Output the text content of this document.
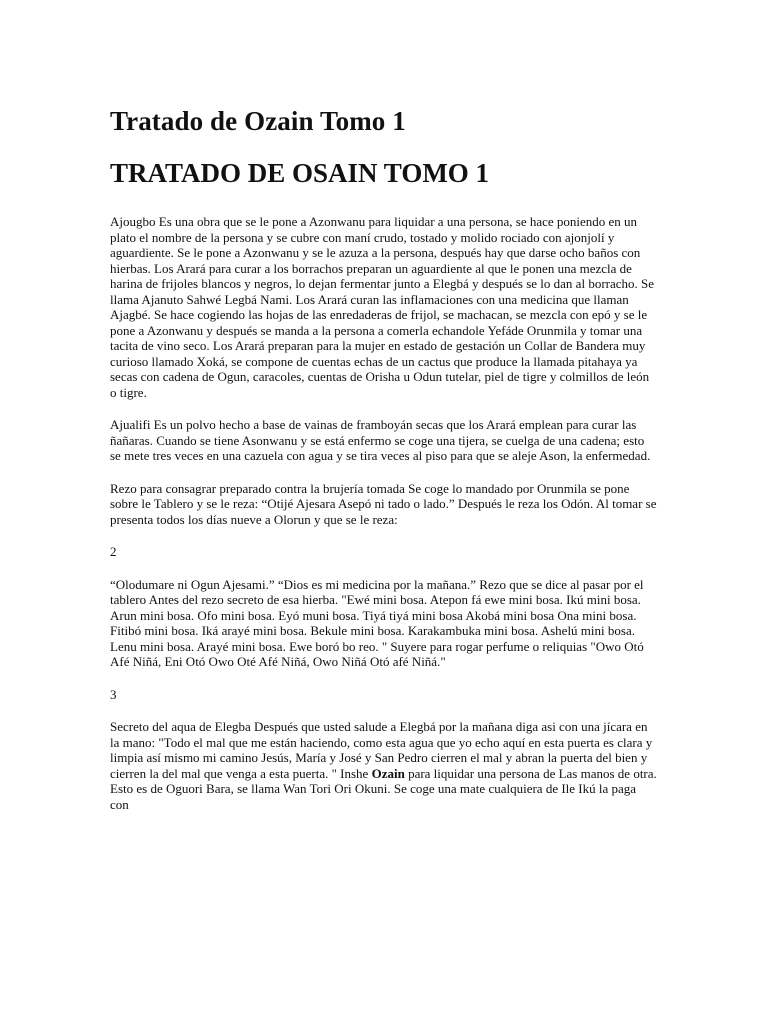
Tratado de Ozain Tomo 1
TRATADO DE OSAIN TOMO 1

Ajougbo Es una obra que se le pone a Azonwanu para liquidar a una persona, se hace poniendo en un plato el nombre de la persona y se cubre con maní crudo, tostado y molido rociado con ajonjolí y aguardiente. Se le pone a Azonwanu y se le azuza a la persona, después hay que darse ocho baños con hierbas. Los Arará para curar a los borrachos preparan un aguardiente al que le ponen una mezcla de harina de frijoles blancos y negros, lo dejan fermentar junto a Elegbá y después se lo dan al borracho. Se llama Ajanuto Sahwé Legbá Nami. Los Arará curan las inflamaciones con una medicina que llaman Ajagbé. Se hace cogiendo las hojas de las enredaderas de frijol, se machacan, se mezcla con epó y se le pone a Azonwanu y después se manda a la persona a comerla echandole Yefáde Orunmila y tomar una tacita de vino seco. Los Arará preparan para la mujer en estado de gestación un Collar de Bandera muy curioso llamado Xoká, se compone de cuentas echas de un cactus que produce la llamada pitahaya ya secas con cadena de Ogun, caracoles, cuentas de Orisha u Odun tutelar, piel de tigre y colmillos de león o tigre.

Ajualifi Es un polvo hecho a base de vainas de framboyán secas que los Arará emplean para curar las ñañaras. Cuando se tiene Asonwanu y se está enfermo se coge una tijera, se cuelga de una cadena; esto se mete tres veces en una cazuela con agua y se tira veces al piso para que se aleje Ason, la enfermedad.

Rezo para consagrar preparado contra la brujería tomada Se coge lo mandado por Orunmila se pone sobre le Tablero y se le reza: “Otijé Ajesara Asepó ni tado o lado.” Después le reza los Odón. Al tomar se presenta todos los días nueve a Olorun y que se le reza:

2

“Olodumare ni Ogun Ajesami.” “Dios es mi medicina por la mañana.” Rezo que se dice al pasar por el tablero Antes del rezo secreto de esa hierba. "Ewé mini bosa. Atepon fá ewe mini bosa. Ikú mini bosa. Arun mini bosa. Ofo mini bosa. Eyó muni bosa. Tiyá tiyá mini bosa Akobá mini bosa Ona mini bosa. Fitibó mini bosa. Iká arayé mini bosa. Bekule mini bosa. Karakambuka mini bosa. Ashelú mini bosa. Lenu mini bosa. Arayé mini bosa. Ewe boró bo reo. " Suyere para rogar perfume o reliquias "Owo Otó Afé Niñá, Eni Otó Owo Oté Afé Niñá, Owo Niñá Otó afé Niñá."

3

Secreto del aqua de Elegba Después que usted salude a Elegbá por la mañana diga asi con una jícara en la mano: "Todo el mal que me están haciendo, como esta agua que yo echo aquí en esta puerta es clara y limpia así mismo mi camino Jesús, María y José y San Pedro cierren el mal y abran la puerta del bien y cierren la del mal que venga a esta puerta. " Inshe Ozain para liquidar una persona de Las manos de otra. Esto es de Oguori Bara, se llama Wan Tori Ori Okuni. Se coge una mate cualquiera de Ile Ikú la paga con
